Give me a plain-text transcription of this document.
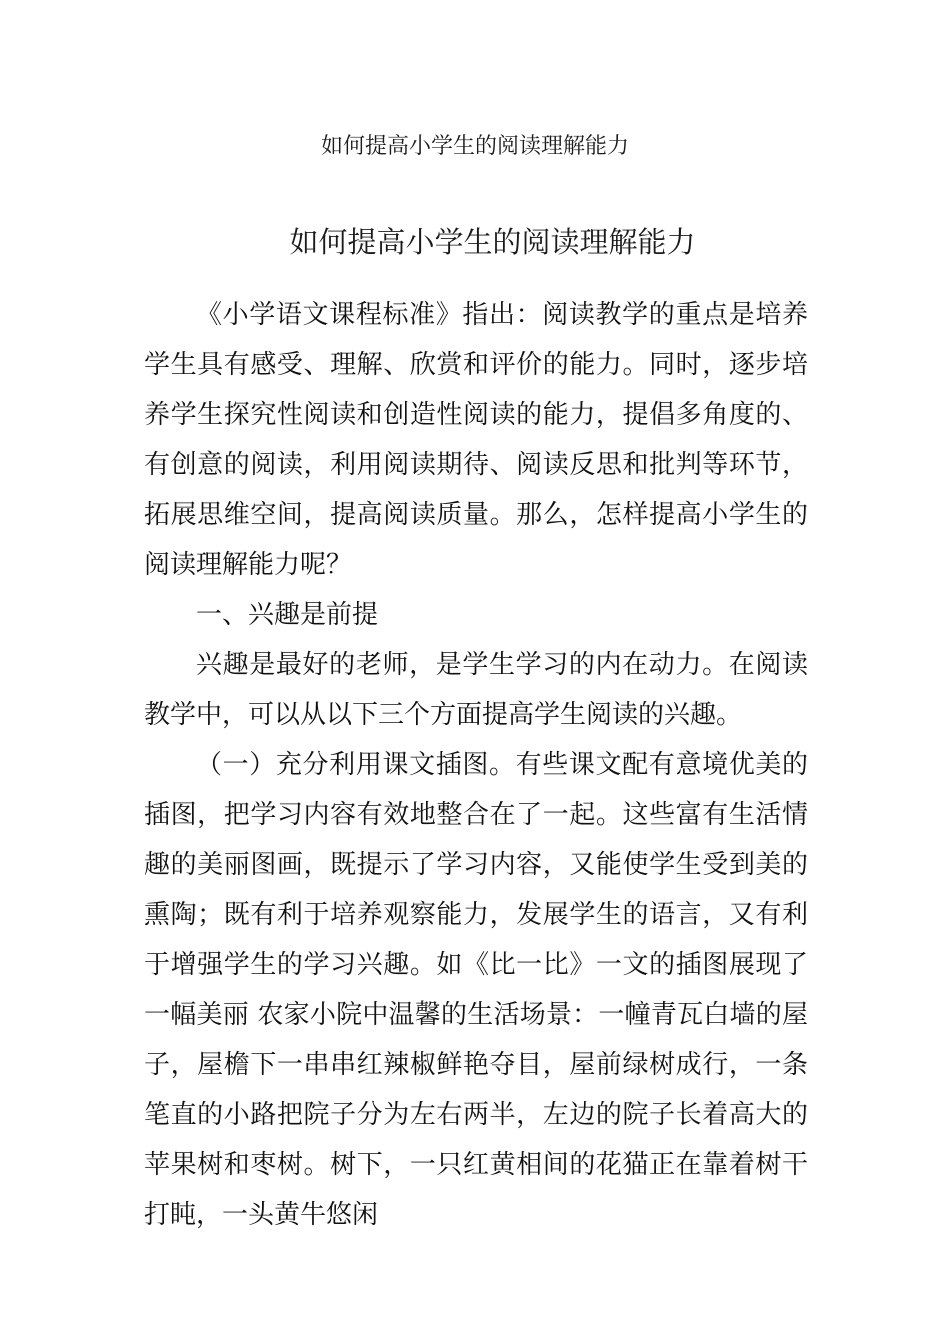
如何提高小学生的阅读理解能力
如何提高小学生的阅读理解能力

《小学语文课程标准》指出：阅读教学的重点是培养学生具有感受、理解、欣赏和评价的能力。同时，逐步培养学生探究性阅读和创造性阅读的能力，提倡多角度的、有创意的阅读，利用阅读期待、阅读反思和批判等环节，拓展思维空间，提高阅读质量。那么，怎样提高小学生的阅读理解能力呢？

一、兴趣是前提

兴趣是最好的老师，是学生学习的内在动力。在阅读教学中，可以从以下三个方面提高学生阅读的兴趣。

（一）充分利用课文插图。有些课文配有意境优美的插图，把学习内容有效地整合在了一起。这些富有生活情趣的美丽图画，既提示了学习内容，又能使学生受到美的熏陶；既有利于培养观察能力，发展学生的语言，又有利于增强学生的学习兴趣。如《比一比》一文的插图展现了一幅美丽 农家小院中温馨的生活场景：一幢青瓦白墙的屋子，屋檐下一串串红辣椒鲜艳夺目，屋前绿树成行，一条笔直的小路把院子分为左右两半，左边的院子长着高大的苹果树和枣树。树下，一只红黄相间的花猫正在靠着树干打盹，一头黄牛悠闲
